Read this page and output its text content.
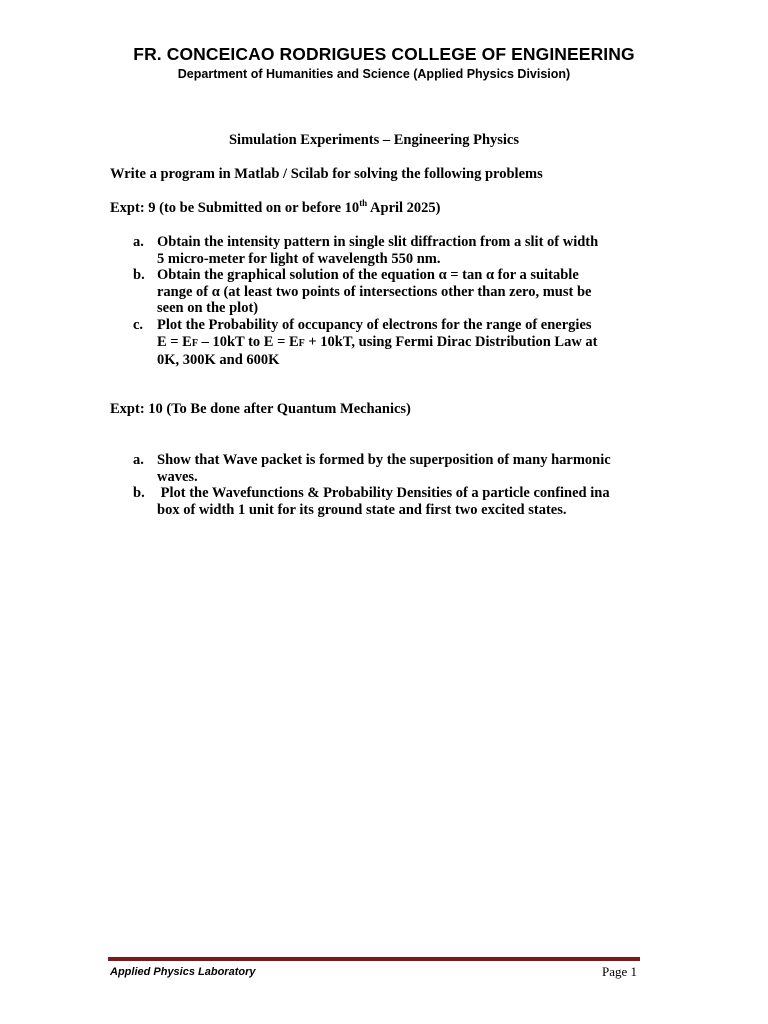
FR. CONCEICAO RODRIGUES COLLEGE OF ENGINEERING
Department of Humanities and Science (Applied Physics Division)
Simulation Experiments – Engineering Physics
Write a program in Matlab / Scilab for solving the following problems
Expt: 9 (to be Submitted on or before 10th April 2025)
a. Obtain the intensity pattern in single slit diffraction from a slit of width
5 micro-meter for light of wavelength 550 nm.
b. Obtain the graphical solution of the equation α = tan α for a suitable
range of α (at least two points of intersections other than zero, must be
seen on the plot)
c. Plot the Probability of occupancy of electrons for the range of energies
E = EF – 10kT to E = EF + 10kT, using Fermi Dirac Distribution Law at
0K, 300K and 600K
Expt: 10 (To Be done after Quantum Mechanics)
a. Show that Wave packet is formed by the superposition of many harmonic
waves.
b. Plot the Wavefunctions & Probability Densities of a particle confined ina
box of width 1 unit for its ground state and first two excited states.
Applied Physics Laboratory	Page 1
